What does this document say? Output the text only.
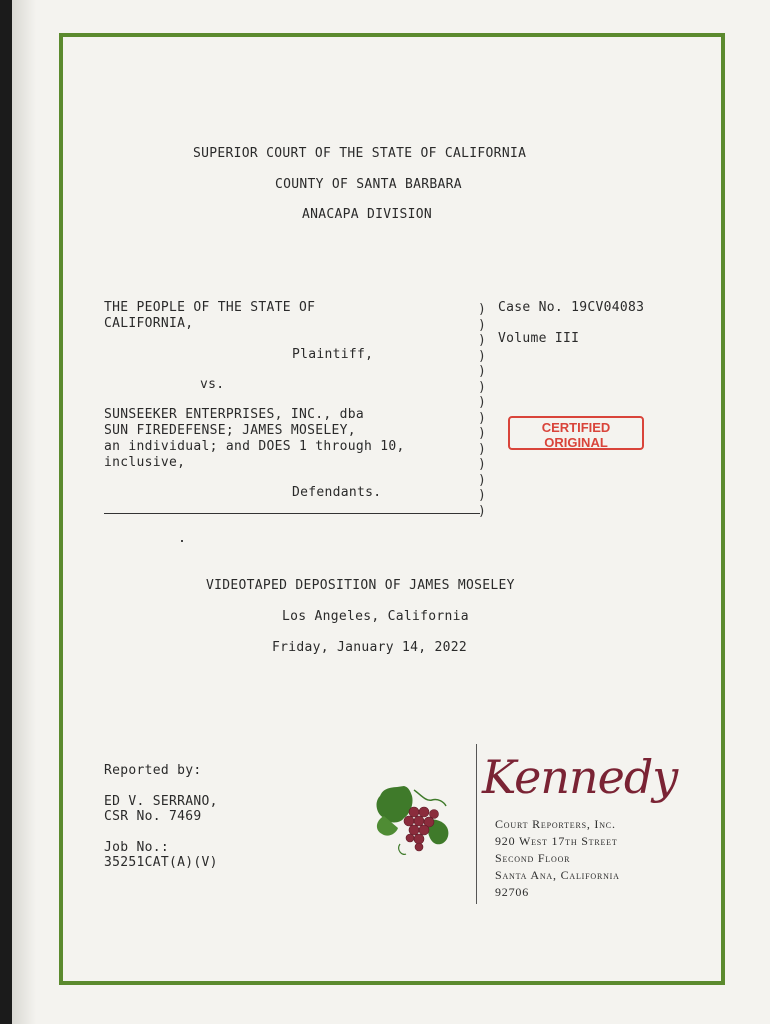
SUPERIOR COURT OF THE STATE OF CALIFORNIA
COUNTY OF SANTA BARBARA
ANACAPA DIVISION
THE PEOPLE OF THE STATE OF
CALIFORNIA,
Plaintiff,
vs.
SUNSEEKER ENTERPRISES, INC., dba
SUN FIREDEFENSE; JAMES MOSELEY,
an individual; and DOES 1 through 10,
inclusive,
Defendants.
)
)
)
)
)
)
)
)
)
)
)
)
)
)
Case No. 19CV04083
Volume III
CERTIFIED
ORIGINAL
VIDEOTAPED DEPOSITION OF JAMES MOSELEY
Los Angeles, California
Friday, January 14, 2022
Reported by:
ED V. SERRANO,
CSR No. 7469
Job No.:
35251CAT(A)(V)
Kennedy
Court Reporters, Inc.
920 West 17th Street
Second Floor
Santa Ana, California
92706
